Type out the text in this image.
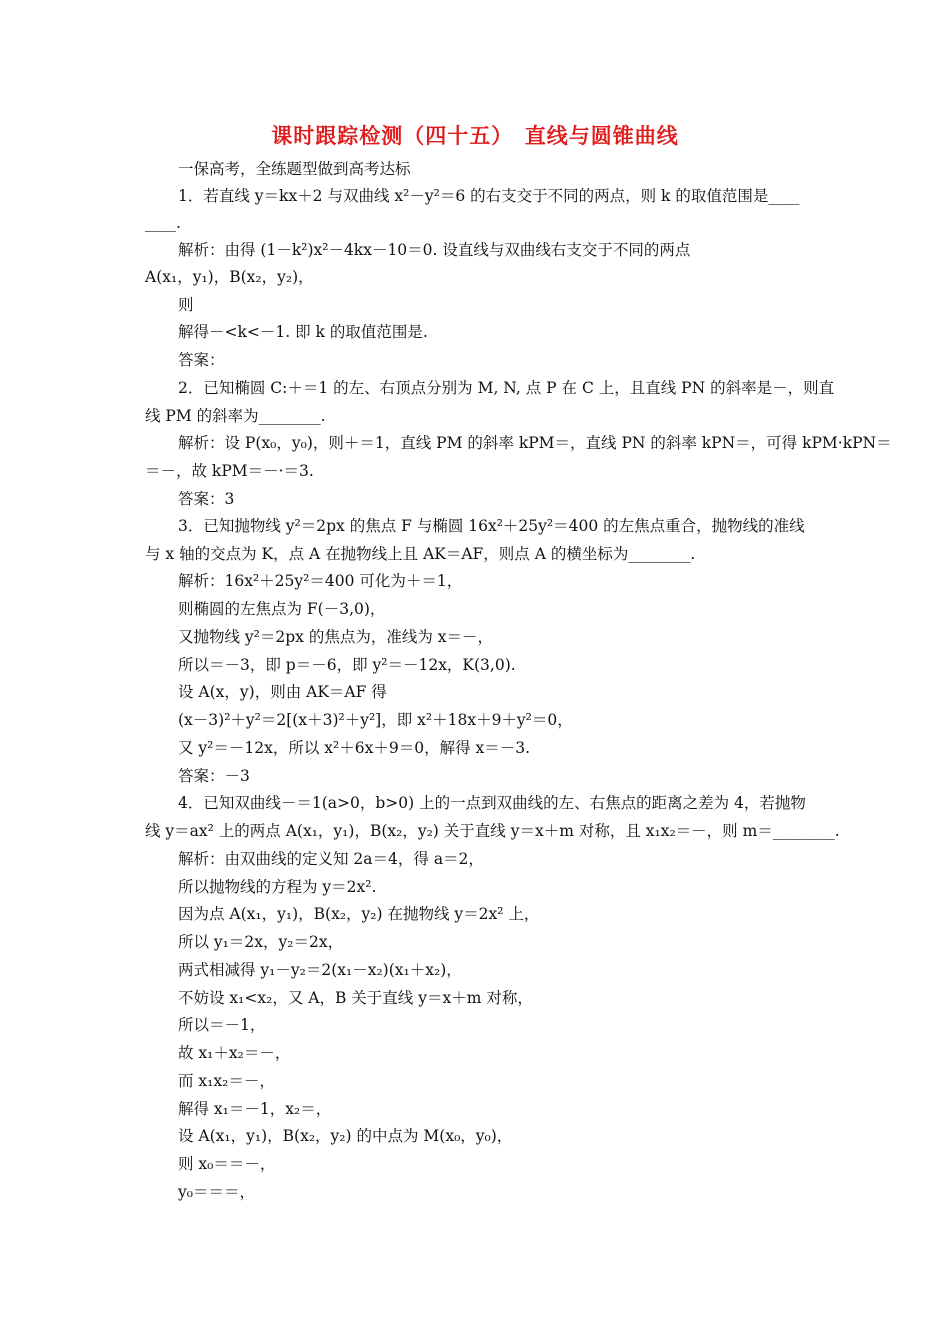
课时跟踪检测（四十五）　直线与圆锥曲线
一保高考，全练题型做到高考达标
1．若直线 y＝kx＋2 与双曲线 x²－y²＝6 的右支交于不同的两点，则 k 的取值范围是____
____.
解析：由得 (1－k²)x²－4kx－10＝0. 设直线与双曲线右支交于不同的两点
A(x₁，y₁)，B(x₂，y₂)，
则
解得－<k<－1. 即 k 的取值范围是.
答案：
2．已知椭圆 C:＋＝1 的左、右顶点分别为 M, N, 点 P 在 C 上，且直线 PN 的斜率是－，则直
线 PM 的斜率为________.
解析：设 P(x₀，y₀)，则＋＝1，直线 PM 的斜率 kPM＝，直线 PN 的斜率 kPN＝，可得 kPM·kPN＝
＝－，故 kPM＝－·＝3.
答案：3
3．已知抛物线 y²＝2px 的焦点 F 与椭圆 16x²＋25y²＝400 的左焦点重合，抛物线的准线
与 x 轴的交点为 K，点 A 在抛物线上且 AK＝AF，则点 A 的横坐标为________.
解析：16x²＋25y²＝400 可化为＋＝1，
则椭圆的左焦点为 F(－3,0)，
又抛物线 y²＝2px 的焦点为，准线为 x＝－，
所以＝－3，即 p＝－6，即 y²＝－12x，K(3,0).
设 A(x，y)，则由 AK＝AF 得
(x－3)²＋y²＝2[(x＋3)²＋y²]，即 x²＋18x＋9＋y²＝0，
又 y²＝－12x，所以 x²＋6x＋9＝0，解得 x＝－3.
答案：－3
4．已知双曲线－＝1(a>0，b>0) 上的一点到双曲线的左、右焦点的距离之差为 4，若抛物
线 y＝ax² 上的两点 A(x₁，y₁)，B(x₂，y₂) 关于直线 y＝x＋m 对称，且 x₁x₂＝－，则 m＝________.
解析：由双曲线的定义知 2a＝4，得 a＝2，
所以抛物线的方程为 y＝2x².
因为点 A(x₁，y₁)，B(x₂，y₂) 在抛物线 y＝2x² 上，
所以 y₁＝2x，y₂＝2x，
两式相减得 y₁－y₂＝2(x₁－x₂)(x₁＋x₂)，
不妨设 x₁<x₂，又 A，B 关于直线 y＝x＋m 对称，
所以＝－1，
故 x₁＋x₂＝－，
而 x₁x₂＝－，
解得 x₁＝－1，x₂＝，
设 A(x₁，y₁)，B(x₂，y₂) 的中点为 M(x₀，y₀)，
则 x₀＝＝－，
y₀＝＝＝，
